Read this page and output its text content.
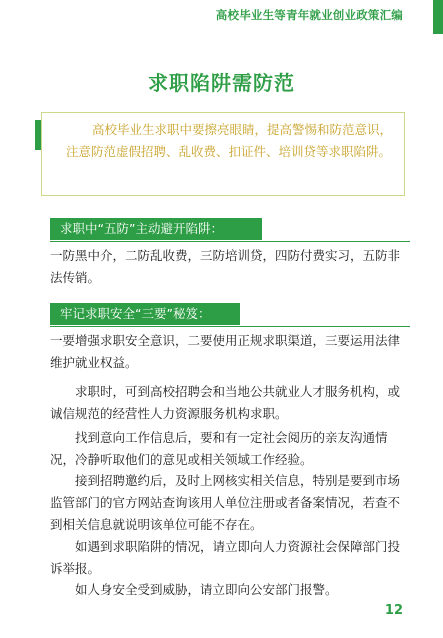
高校毕业生等青年就业创业政策汇编
求职陷阱需防范
高校毕业生求职中要擦亮眼睛，提高警惕和防范意识，注意防范虚假招聘、乱收费、扣证件、培训贷等求职陷阱。
求职中“五防”主动避开陷阱：

一防黑中介，二防乱收费，三防培训贷，四防付费实习，五防非法传销。

牢记求职安全“三要”秘笈：

一要增强求职安全意识，二要使用正规求职渠道，三要运用法律维护就业权益。

求职时，可到高校招聘会和当地公共就业人才服务机构，或诚信规范的经营性人力资源服务机构求职。

找到意向工作信息后，要和有一定社会阅历的亲友沟通情况，冷静听取他们的意见或相关领域工作经验。

接到招聘邀约后，及时上网核实相关信息，特别是要到市场监管部门的官方网站查询该用人单位注册或者备案情况，若查不到相关信息就说明该单位可能不存在。

如遇到求职陷阱的情况，请立即向人力资源社会保障部门投诉举报。

如人身安全受到威胁，请立即向公安部门报警。

12
